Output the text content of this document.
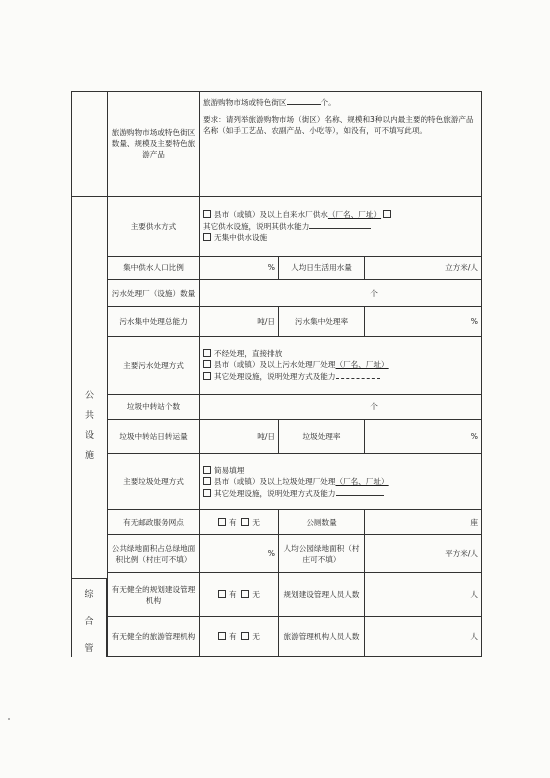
	旅游购物市场或特色街区数量、规模及主要特色旅游产品	旅游购物市场或特色街区 个。
要求：请列举旅游购物市场（街区）名称、规模和3种以内最主要的特色旅游产品名称（如手工艺品、农副产品、小吃等），如没有，可不填写此项。		

公
共
设
施	主要供水方式	县市（或镇）及以上自来水厂供水（厂名、厂址）
其它供水设施，说明其供水能力
无集中供水设施		

	集中供水人口比例	%	人均日生活用水量	立方米/人
	污水处理厂（设施）数量	个		
	污水集中处理总能力	吨/日	污水集中处理率	%
	主要污水处理方式	不经处理，直接排放
县市（或镇）及以上污水处理厂处理（厂名、厂址）
其它处理设施，说明处理方式及能力		

	垃圾中转站个数	个		
	垃圾中转站日转运量	吨/日	垃圾处理率	%
	主要垃圾处理方式	简易填埋
县市（或镇）及以上垃圾处理厂处理（厂名、厂址）
其它处理设施，说明处理方式及能力		

	有无邮政服务网点	有 无	公厕数量	座
	公共绿地面积占总绿地面积比例（村庄可不填）	%	人均公园绿地面积（村庄可不填）	平方米/人
	有无健全的规划建设管理机构	有 无	规划建设管理人员人数	人
	有无健全的旅游管理机构	有 无	旅游管理机构人员人数	人
综
合
管
